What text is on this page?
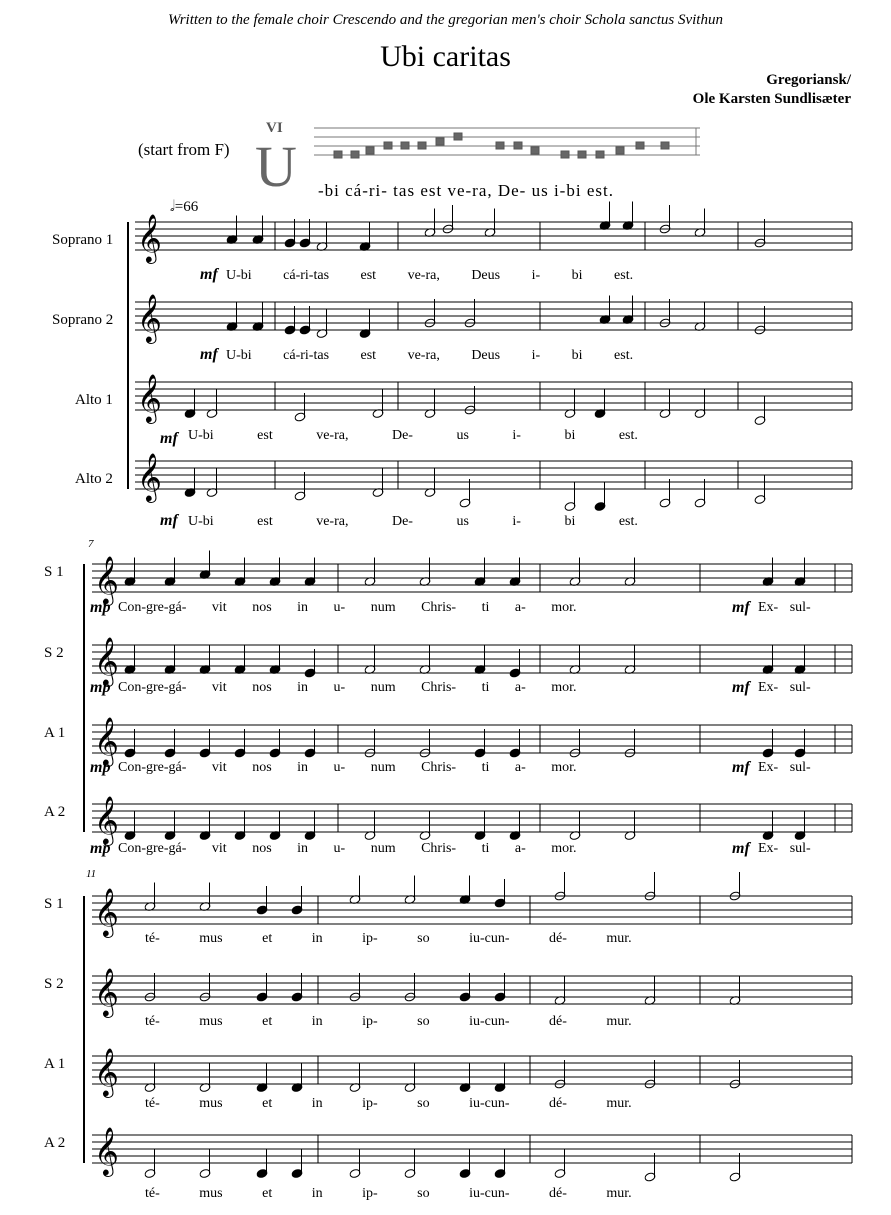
Written to the female choir Crescendo and the gregorian men's choir Schola sanctus Svithun
Ubi caritas
Gregoriansk/
Ole Karsten Sundlisæter
(start from F)
VI
U -bi cá-ri- tas est ve-ra, De- us i-bi est.
𝅗𝅥=66
𝄞
𝄞
𝄞
𝄞
𝄞
𝄞
𝄞
𝄞
𝄞
𝄞
𝄞
𝄞
Soprano 1
Soprano 2
Alto 1
Alto 2
mf U-bi cá-ri-tas est ve-ra, Deus i- bi est.
mf U-bi cá-ri-tas est ve-ra, Deus i- bi est.
mf U-bi est ve-ra, De- us i- bi est.
mf U-bi est ve-ra, De- us i- bi est.
7
S 1
S 2
A 1
A 2
mp Con-gre-gá- vit nos in u- num Chris- ti a- mor.	mf Ex- sul-
mp Con-gre-gá- vit nos in u- num Chris- ti a- mor.	mf Ex- sul-
mp Con-gre-gá- vit nos in u- num Chris- ti a- mor.	mf Ex- sul-
mp Con-gre-gá- vit nos in u- num Chris- ti a- mor.	mf Ex- sul-
11
S 1
S 2
A 1
A 2
té- mus et in ip- so iu-cun- dé- mur.
té- mus et in ip- so iu-cun- dé- mur.
té- mus et in ip- so iu-cun- dé- mur.
té- mus et in ip- so iu-cun- dé- mur.
